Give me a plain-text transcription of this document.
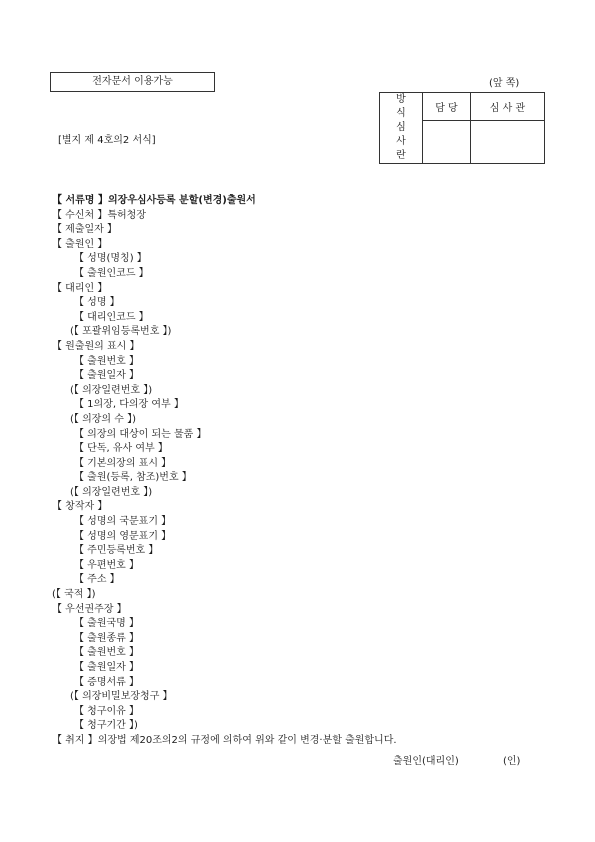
전자문서 이용가능	(앞 쪽)
[별지 제 4호의2 서식]
방
식
심
사
란	담 당	심 사 관

【 서류명 】의장우심사등록 분할(변경)출원서
【 수신처 】특허청장
【 제출일자 】
【 출원인 】
【 성명(명칭) 】
【 출원인코드 】
【 대리인 】
【 성명 】
【 대리인코드 】
(【 포괄위임등록번호 】)
【 원출원의 표시 】
【 출원번호 】
【 출원일자 】
(【 의장일련번호 】)
【 1의장, 다의장 여부 】
(【 의장의 수 】)
【 의장의 대상이 되는 물품 】
【 단독, 유사 여부 】
【 기본의장의 표시 】
【 출원(등록, 참조)번호 】
(【 의장일련번호 】)
【 창작자 】
【 성명의 국문표기 】
【 성명의 영문표기 】
【 주민등록번호 】
【 우편번호 】
【 주소 】
(【 국적 】)
【 우선권주장 】
【 출원국명 】
【 출원종류 】
【 출원번호 】
【 출원일자 】
【 증명서류 】
(【 의장비밀보장청구 】
【 청구이유 】
【 청구기간 】)
【 취지 】의장법 제20조의2의 규정에 의하여 위와 같이 변경·분할 출원합니다.
출원인(대리인)	(인)
